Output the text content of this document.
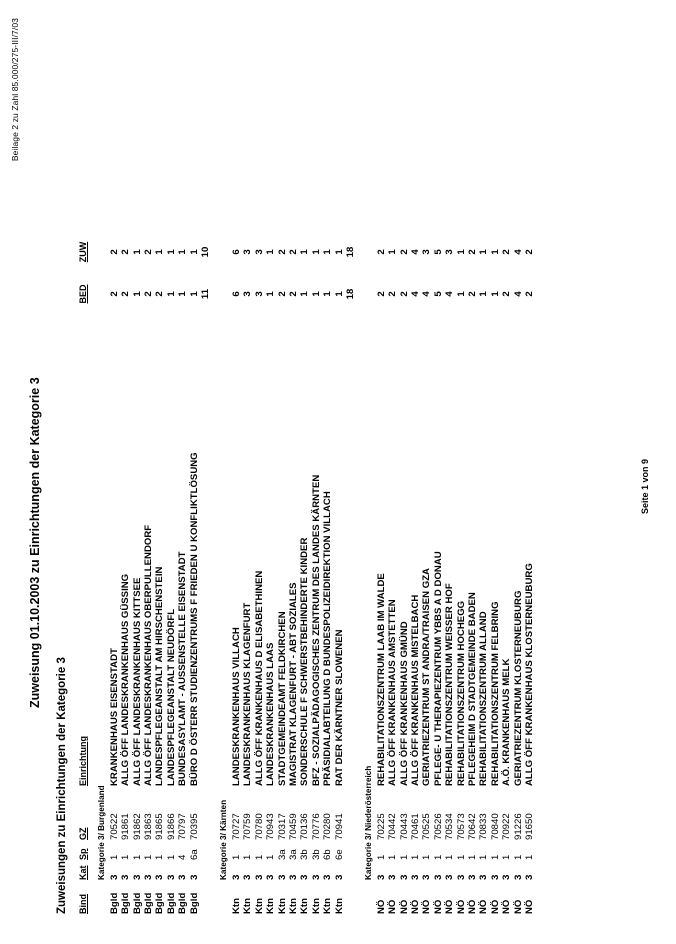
Beilage 2 zu Zahl 85.000/275-III/7/03
Zuweisung 01.10.2003 zu Einrichtungen der Kategorie 3
Zuweisungen zu Einrichtungen der Kategorie 3 Bind	Kat	Sp	GZ	Einrichtung	BED	ZUW
	Kategorie 3/ Burgenland					
Bgld	3	1	70522	KRANKENHAUS EISENSTADT	2	2
Bgld	3	1	91861	ALLG ÖFF LANDESKRANKENHAUS GÜSSING	2	2
Bgld	3	1	91862	ALLG ÖFF LANDESKRANKENHAUS KITTSEE	1	1
Bgld	3	1	91863	ALLG ÖFF LANDESKRANKENHAUS OBERPULLENDORF	2	2
Bgld	3	1	91865	LANDESPFLEGEANSTALT AM HIRSCHENSTEIN	2	1
Bgld	3	1	91866	LANDESPFLEGEANSTALT NEUDÖRFL	1	1
Bgld	3	4	70797	BUNDESASYLAMT - AUSSENSTELLE EISENSTADT	1	1
Bgld	3	6a	70395	BÜRO D ÖSTERR STUDIENZENTRUMS F FRIEDEN U KONFLIKTLÖSUNG	1	1
					11	10
	Kategorie 3/ Kärnten					
Ktn	3	1	70727	LANDESKRANKENHAUS VILLACH	6	6
Ktn	3	1	70759	LANDESKRANKENHAUS KLAGENFURT	3	3
Ktn	3	1	70780	ALLG ÖFF KRANKENHAUS D ELISABETHINEN	3	3
Ktn	3	1	70943	LANDESKRANKENHAUS LAAS	1	1
Ktn	3	3a	70317	STADTGEMEINDEAMT FELDKIRCHEN	2	2
Ktn	3	3a	70459	MAGISTRAT KLAGENFURT - ABT SOZIALES	2	2
Ktn	3	3b	70136	SONDERSCHULE F SCHWERSTBEHINDERTE KINDER	1	1
Ktn	3	3b	70776	BFZ - SOZIALPÄDAGOGISCHES ZENTRUM DES LANDES KÄRNTEN	1	1
Ktn	3	6b	70280	PRÄSIDIALABTEILUNG D BUNDESPOLIZEIDIREKTION VILLACH	1	1
Ktn	3	6e	70941	RAT DER KÄRNTNER SLOWENEN	1	1
					18	18
	Kategorie 3/ Niederösterreich					
NÖ	3	1	70225	REHABILITATIONSZENTRUM LAAB IM WALDE	2	2
NÖ	3	1	70442	ALLG ÖFF KRANKENHAUS AMSTETTEN	2	1
NÖ	3	1	70443	ALLG ÖFF KRANKENHAUS GMÜND	2	2
NÖ	3	1	70461	ALLG ÖFF KRANKENHAUS MISTELBACH	4	4
NÖ	3	1	70525	GERIATRIEZENTRUM ST ANDRA/TRAISEN GZA	4	3
NÖ	3	1	70526	PFLEGE- U THERAPIEZENTRUM YBBS A D DONAU	5	5
NÖ	3	1	70534	REHABILITATIONSZENTRUM WEISSER HOF	4	3
NÖ	3	1	70573	REHABILITATIONSZENTRUM HOCHEGG	1	1
NÖ	3	1	70642	PFLEGEHEIM D STADTGEMEINDE BADEN	2	2
NÖ	3	1	70833	REHABILITATIONSZENTRUM ALLAND	1	1
NÖ	3	1	70840	REHABILITATIONSZENTRUM FELBRING	1	1
NÖ	3	1	70922	A.Ö. KRANKENHAUS MELK	2	2
NÖ	3	1	91226	GERIATRIEZENTRUM KLOSTERNEUBURG	4	4
NÖ	3	1	91650	ALLG ÖFF KRANKENHAUS KLOSTERNEUBURG	2	2
Seite 1 von 9
